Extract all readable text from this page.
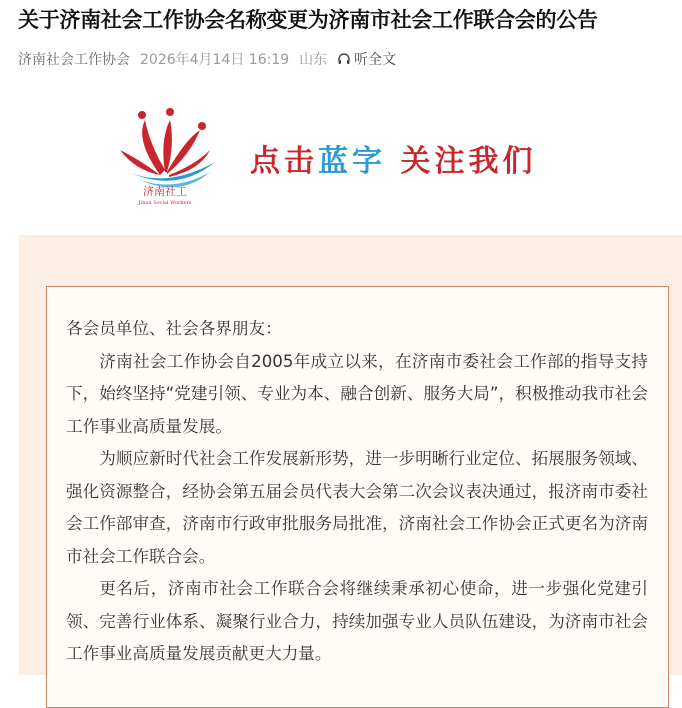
关于济南社会工作协会名称变更为济南市社会工作联合会的公告
济南社会工作协会 2026年4月14日 16:19 山东 听全文
济南社工
Jinan Social Workers
点击蓝字 关注我们

各会员单位、社会各界朋友：

济南社会工作协会自2005年成立以来，在济南市委社会工作部的指导支持下，始终坚持“党建引领、专业为本、融合创新、服务大局”，积极推动我市社会工作事业高质量发展。

为顺应新时代社会工作发展新形势，进一步明晰行业定位、拓展服务领域、强化资源整合，经协会第五届会员代表大会第二次会议表决通过，报济南市委社会工作部审查，济南市行政审批服务局批准，济南社会工作协会正式更名为济南市社会工作联合会。

更名后，济南市社会工作联合会将继续秉承初心使命，进一步强化党建引领、完善行业体系、凝聚行业合力，持续加强专业人员队伍建设，为济南市社会工作事业高质量发展贡献更大力量。
